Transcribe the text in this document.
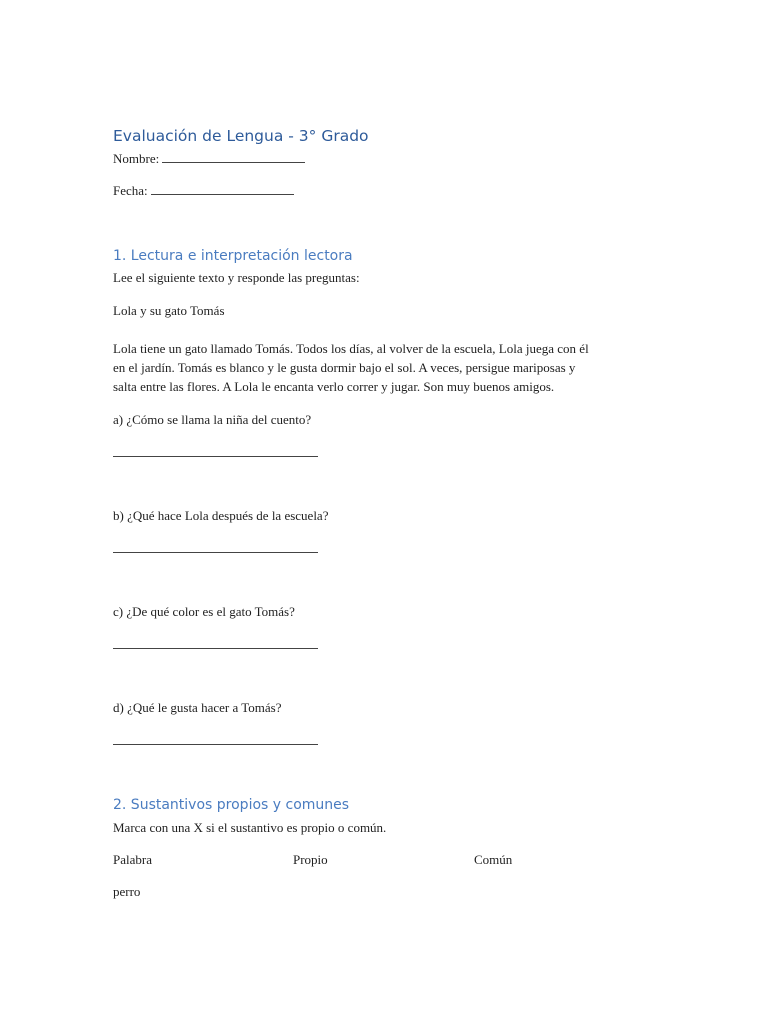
Evaluación de Lengua - 3° Grado
Nombre:
Fecha:
1. Lectura e interpretación lectora
Lee el siguiente texto y responde las preguntas:
Lola y su gato Tomás
Lola tiene un gato llamado Tomás. Todos los días, al volver de la escuela, Lola juega con él
en el jardín. Tomás es blanco y le gusta dormir bajo el sol. A veces, persigue mariposas y
salta entre las flores. A Lola le encanta verlo correr y jugar. Son muy buenos amigos.
a) ¿Cómo se llama la niña del cuento?
b) ¿Qué hace Lola después de la escuela?
c) ¿De qué color es el gato Tomás?
d) ¿Qué le gusta hacer a Tomás?
2. Sustantivos propios y comunes
Marca con una X si el sustantivo es propio o común.
Palabra	Propio	Común
perro
